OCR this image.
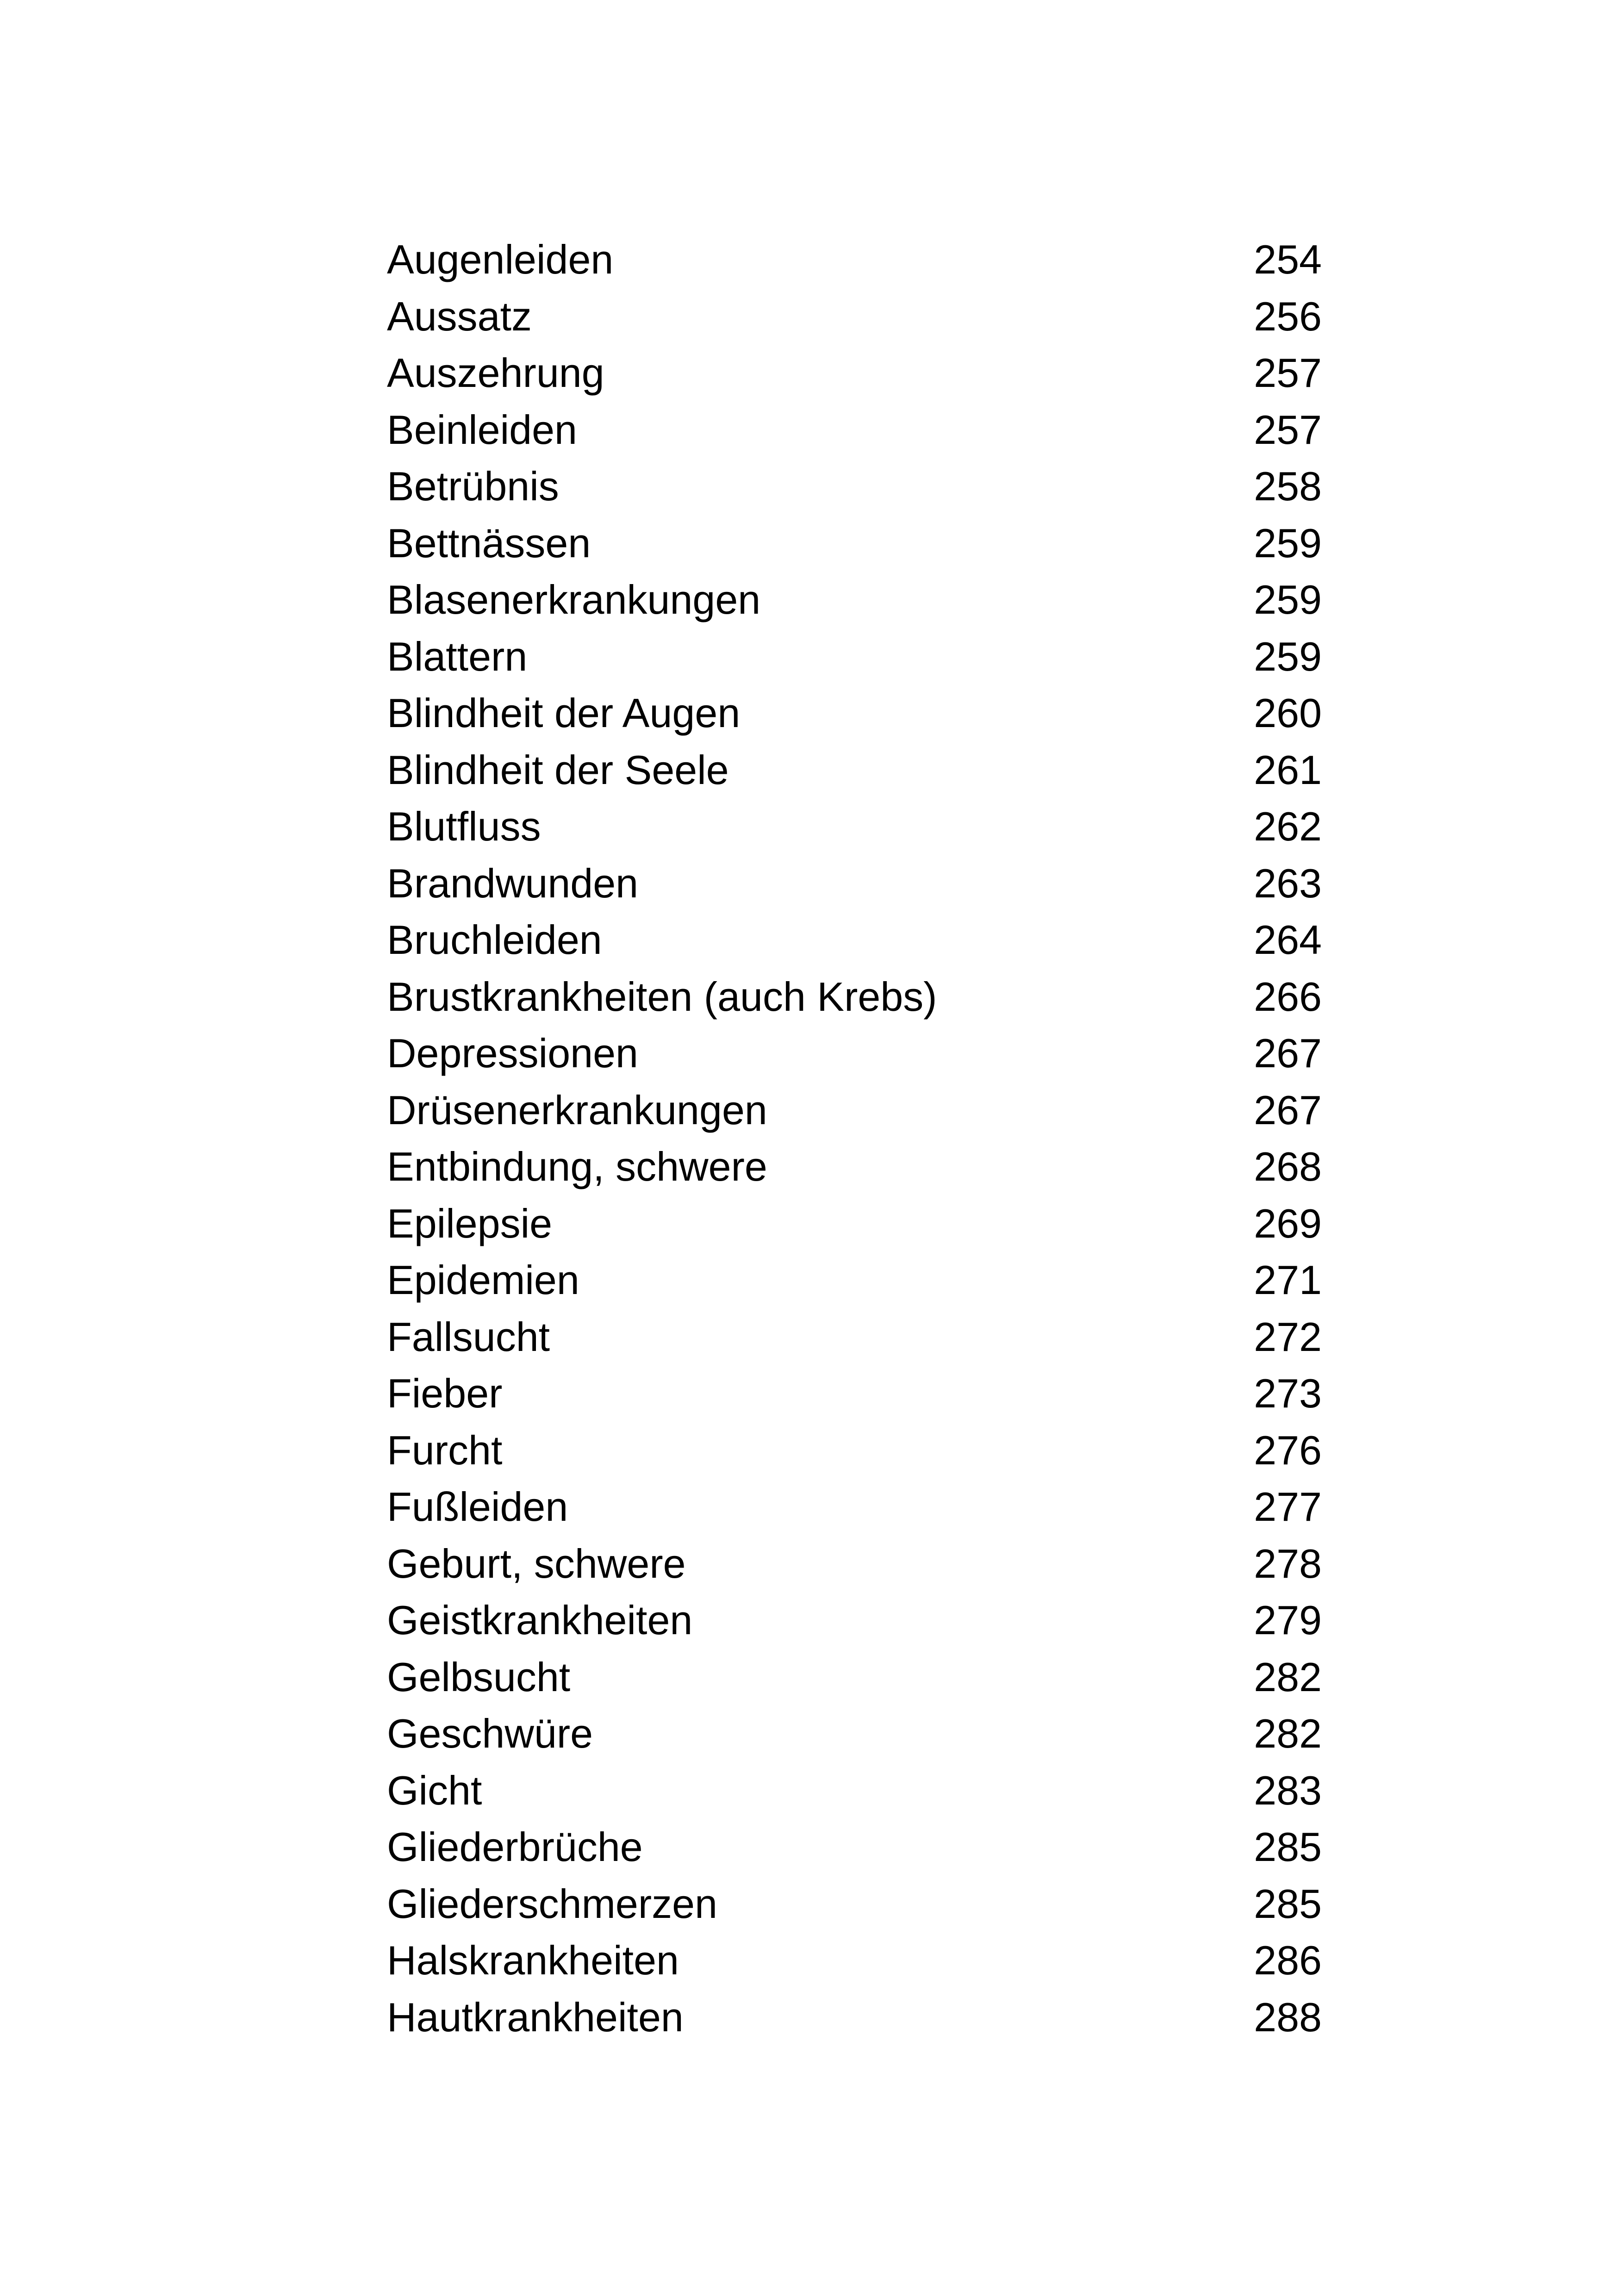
Augenleiden	254
Aussatz	256
Auszehrung	257
Beinleiden	257
Betrübnis	258
Bettnässen	259
Blasenerkrankungen	259
Blattern	259
Blindheit der Augen	260
Blindheit der Seele	261
Blutfluss	262
Brandwunden	263
Bruchleiden	264
Brustkrankheiten (auch Krebs)	266
Depressionen	267
Drüsenerkrankungen	267
Entbindung, schwere	268
Epilepsie	269
Epidemien	271
Fallsucht	272
Fieber	273
Furcht	276
Fußleiden	277
Geburt, schwere	278
Geistkrankheiten	279
Gelbsucht	282
Geschwüre	282
Gicht	283
Gliederbrüche	285
Gliederschmerzen	285
Halskrankheiten	286
Hautkrankheiten	288
